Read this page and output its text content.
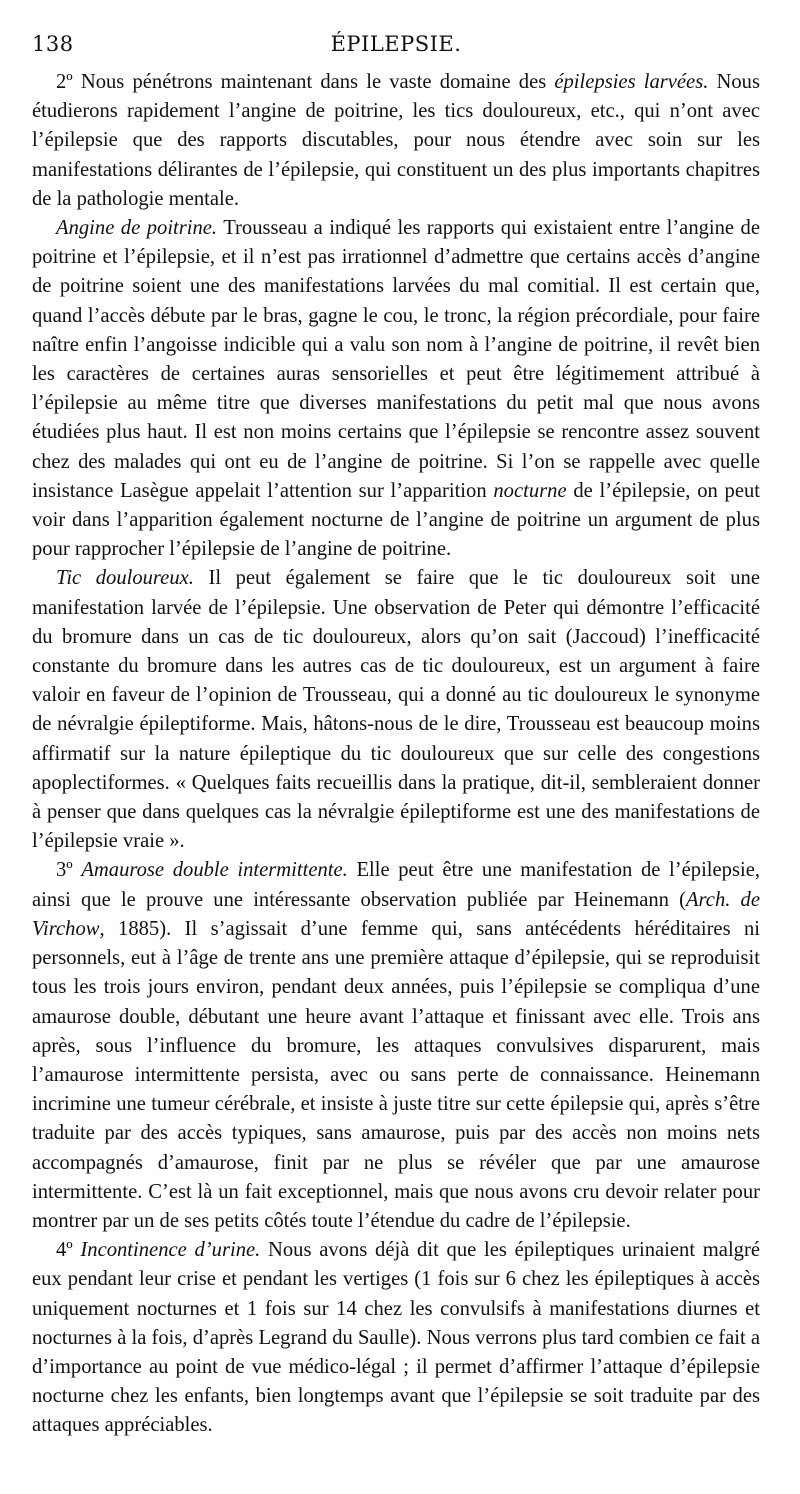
138	ÉPILEPSIE.

2º Nous pénétrons maintenant dans le vaste domaine des épilepsies larvées. Nous étudierons rapidement l’angine de poitrine, les tics douloureux, etc., qui n’ont avec l’épilepsie que des rapports discutables, pour nous étendre avec soin sur les manifestations délirantes de l’épilepsie, qui constituent un des plus importants chapitres de la pathologie mentale.

Angine de poitrine. Trousseau a indiqué les rapports qui existaient entre l’angine de poitrine et l’épilepsie, et il n’est pas irrationnel d’admettre que certains accès d’angine de poitrine soient une des manifestations larvées du mal comitial. Il est certain que, quand l’accès débute par le bras, gagne le cou, le tronc, la région précordiale, pour faire naître enfin l’angoisse indicible qui a valu son nom à l’angine de poitrine, il revêt bien les caractères de certaines auras sensorielles et peut être légitimement attribué à l’épilepsie au même titre que diverses manifestations du petit mal que nous avons étudiées plus haut. Il est non moins certains que l’épilepsie se rencontre assez souvent chez des malades qui ont eu de l’angine de poitrine. Si l’on se rappelle avec quelle insistance Lasègue appelait l’attention sur l’apparition nocturne de l’épilepsie, on peut voir dans l’apparition également nocturne de l’angine de poitrine un argument de plus pour rapprocher l’épilepsie de l’angine de poitrine.

Tic douloureux. Il peut également se faire que le tic douloureux soit une manifestation larvée de l’épilepsie. Une observation de Peter qui démontre l’efficacité du bromure dans un cas de tic douloureux, alors qu’on sait (Jaccoud) l’inefficacité constante du bromure dans les autres cas de tic douloureux, est un argument à faire valoir en faveur de l’opinion de Trousseau, qui a donné au tic douloureux le synonyme de névralgie épileptiforme. Mais, hâtons-nous de le dire, Trousseau est beaucoup moins affirmatif sur la nature épileptique du tic douloureux que sur celle des congestions apoplectiformes. « Quelques faits recueillis dans la pratique, dit-il, sembleraient donner à penser que dans quelques cas la névralgie épileptiforme est une des manifestations de l’épilepsie vraie ».

3º Amaurose double intermittente. Elle peut être une manifestation de l’épilepsie, ainsi que le prouve une intéressante observation publiée par Heinemann (Arch. de Virchow, 1885). Il s’agissait d’une femme qui, sans antécédents héréditaires ni personnels, eut à l’âge de trente ans une première attaque d’épilepsie, qui se reproduisit tous les trois jours environ, pendant deux années, puis l’épilepsie se compliqua d’une amaurose double, débutant une heure avant l’attaque et finissant avec elle. Trois ans après, sous l’influence du bromure, les attaques convulsives disparurent, mais l’amaurose intermittente persista, avec ou sans perte de connaissance. Heinemann incrimine une tumeur cérébrale, et insiste à juste titre sur cette épilepsie qui, après s’être traduite par des accès typiques, sans amaurose, puis par des accès non moins nets accompagnés d’amaurose, finit par ne plus se révéler que par une amaurose intermittente. C’est là un fait exceptionnel, mais que nous avons cru devoir relater pour montrer par un de ses petits côtés toute l’étendue du cadre de l’épilepsie.

4º Incontinence d’urine. Nous avons déjà dit que les épileptiques urinaient malgré eux pendant leur crise et pendant les vertiges (1 fois sur 6 chez les épileptiques à accès uniquement nocturnes et 1 fois sur 14 chez les convulsifs à manifestations diurnes et nocturnes à la fois, d’après Legrand du Saulle). Nous verrons plus tard combien ce fait a d’importance au point de vue médico-légal ; il permet d’affirmer l’attaque d’épilepsie nocturne chez les enfants, bien longtemps avant que l’épilepsie se soit traduite par des attaques appréciables.
